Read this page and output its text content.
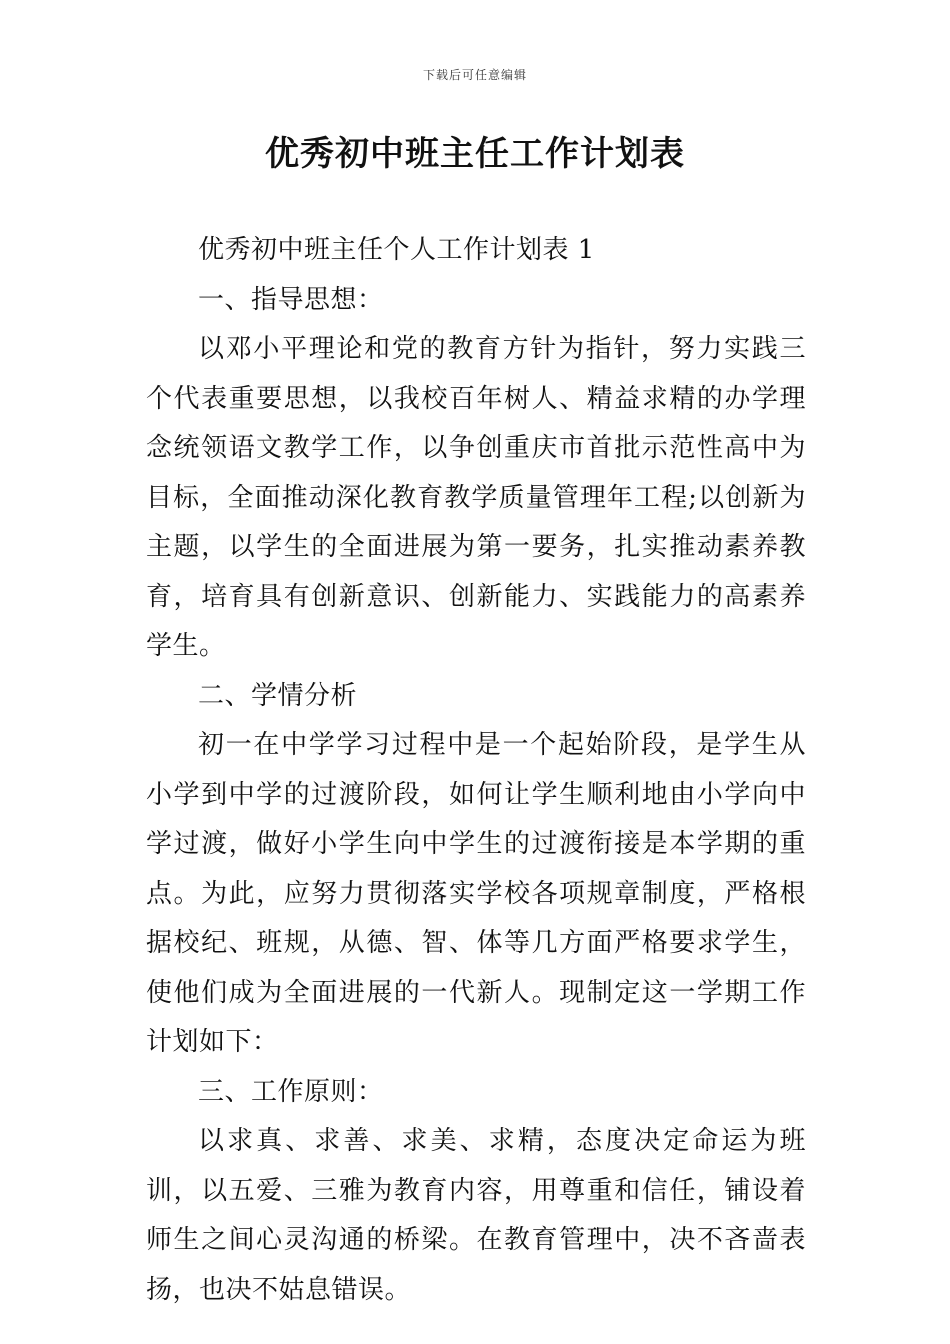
下载后可任意编辑
优秀初中班主任工作计划表

优秀初中班主任个人工作计划表 1

一、指导思想：

以邓小平理论和党的教育方针为指针，努力实践三个代表重要思想，以我校百年树人、精益求精的办学理念统领语文教学工作，以争创重庆市首批示范性高中为目标，全面推动深化教育教学质量管理年工程;以创新为主题，以学生的全面进展为第一要务，扎实推动素养教育，培育具有创新意识、创新能力、实践能力的高素养学生。

二、学情分析

初一在中学学习过程中是一个起始阶段，是学生从小学到中学的过渡阶段，如何让学生顺利地由小学向中学过渡，做好小学生向中学生的过渡衔接是本学期的重点。为此，应努力贯彻落实学校各项规章制度，严格根据校纪、班规，从德、智、体等几方面严格要求学生，使他们成为全面进展的一代新人。现制定这一学期工作计划如下：

三、工作原则：

以求真、求善、求美、求精，态度决定命运为班训，以五爱、三雅为教育内容，用尊重和信任，铺设着师生之间心灵沟通的桥梁。在教育管理中，决不吝啬表扬，也决不姑息错误。
